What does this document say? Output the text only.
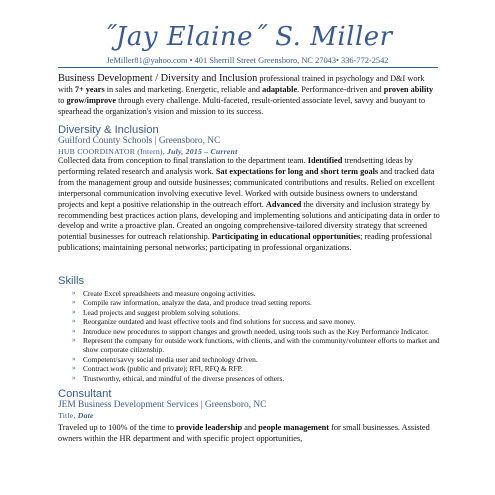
˝Jay Elaine˝ S. Miller
JeMiller81@yahoo.com • 401 Sherrill Street Greensboro, NC 27043• 336-772-2542
Business Development / Diversity and Inclusion professional trained in psychology and D&I work with 7+ years in sales and marketing. Energetic, reliable and adaptable. Performance-driven and proven ability to grow/improve through every challenge. Multi-faceted, result-oriented associate level, savvy and buoyant to spearhead the organization's vision and mission to its success.
Diversity & Inclusion
Guilford County Schools | Greensboro, NC
HUB COORDINATOR (Intern), July, 2015 – Current
Collected data from conception to final translation to the department team. Identified trendsetting ideas by performing related research and analysis work. Sat expectations for long and short term goals and tracked data from the management group and outside businesses; communicated contributions and results. Relied on excellent interpersonal communication involving executive level. Worked with outside business owners to understand projects and kept a positive relationship in the outreach effort. Advanced the diversity and inclusion strategy by recommending best practices action plans, developing and implementing solutions and anticipating data in order to develop and write a proactive plan. Created an ongoing comprehensive-tailored diversity strategy that screened potential businesses for outreach relationship. Participating in educational opportunities; reading professional publications; maintaining personal networks; participating in professional organizations.
Skills
» Create Excel spreadsheets and measure ongoing activities.
» Compile raw information, analyze the data, and produce tread setting reports.
» Lead projects and suggest problem solving solutions.
» Reorganize outdated and least effective tools and find solutions for success and save money.
» Introduce new procedures to support changes and growth needed, using tools such as the Key Performance Indicator.
» Represent the company for outside work functions, with clients, and with the community/volunteer efforts to market and show corporate citizenship.
» Competent/savvy social media user and technology driven.
» Contract work (public and private); RFI, RFQ & RFP.
» Trustworthy, ethical, and mindful of the diverse presences of others.
Consultant
JEM Business Development Services | Greensboro, NC
Title, Date
Traveled up to 100% of the time to provide leadership and people management for small businesses. Assisted owners within the HR department and with specific project opportunities,
